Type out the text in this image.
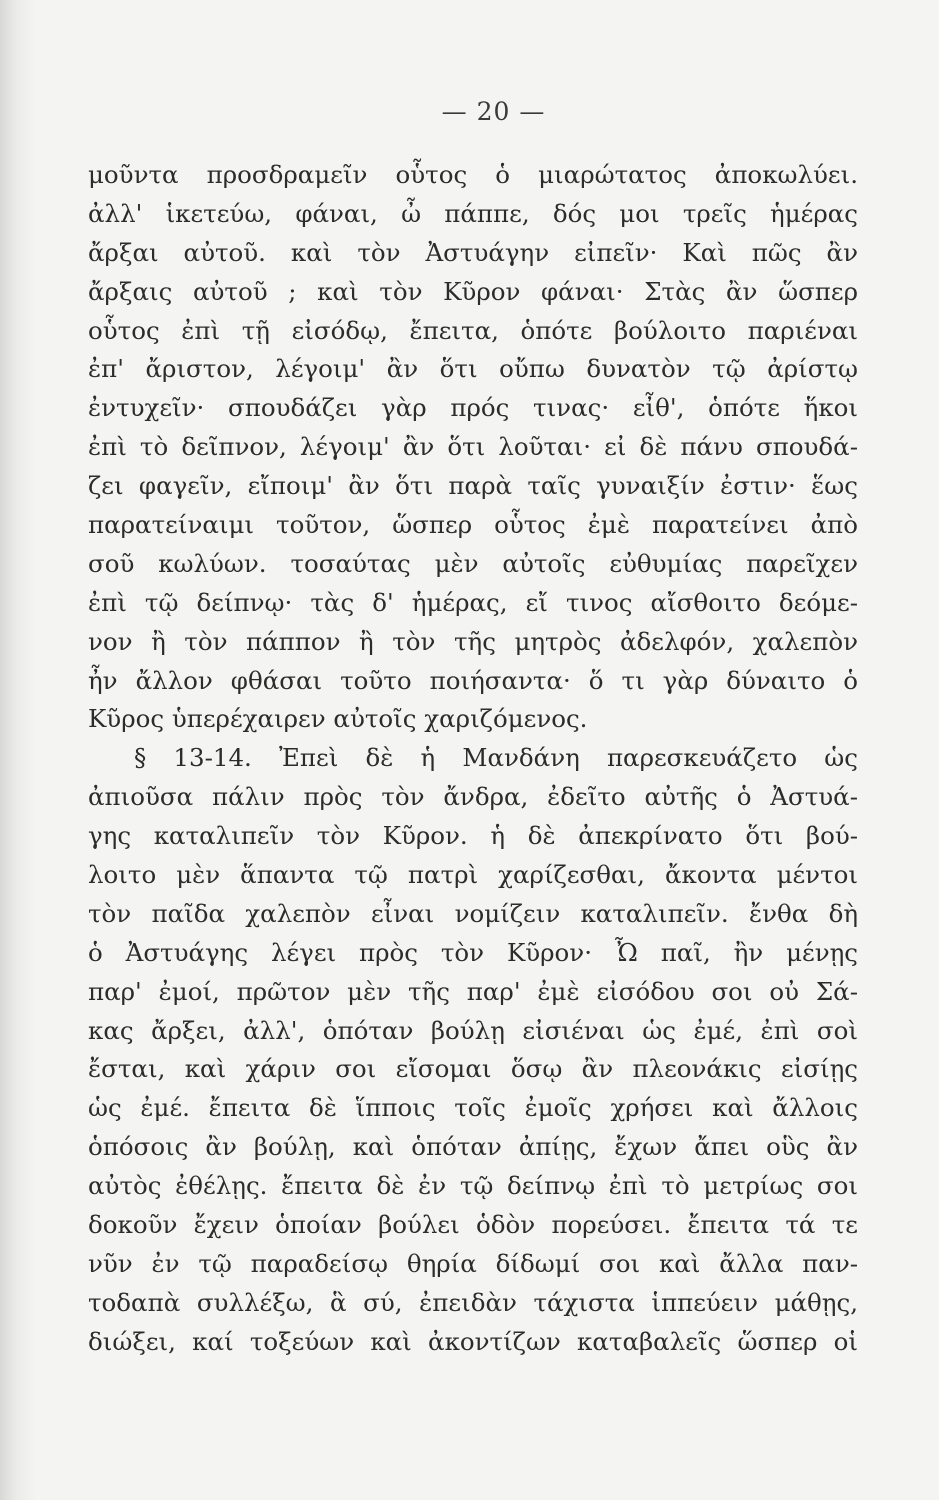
— 20 —
μοῦντα προσδραμεῖν οὗτος ὁ μιαρώτατος ἀποκωλύει.
ἀλλ' ἱκετεύω, φάναι, ὦ πάππε, δός μοι τρεῖς ἡμέρας
ἄρξαι αὐτοῦ. καὶ τὸν Ἀστυάγην εἰπεῖν· Καὶ πῶς ἂν
ἄρξαις αὐτοῦ ; καὶ τὸν Κῦρον φάναι· Στὰς ἂν ὥσπερ
οὗτος ἐπὶ τῇ εἰσόδῳ, ἔπειτα, ὁπότε βούλοιτο παριέναι
ἐπ' ἄριστον, λέγοιμ' ἂν ὅτι οὔπω δυνατὸν τῷ ἀρίστῳ
ἐντυχεῖν· σπουδάζει γὰρ πρός τινας· εἶθ', ὁπότε ἥκοι
ἐπὶ τὸ δεῖπνον, λέγοιμ' ἂν ὅτι λοῦται· εἰ δὲ πάνυ σπουδά-
ζει φαγεῖν, εἴποιμ' ἂν ὅτι παρὰ ταῖς γυναιξίν ἐστιν· ἕως
παρατείναιμι τοῦτον, ὥσπερ οὗτος ἐμὲ παρατείνει ἀπὸ
σοῦ κωλύων. τοσαύτας μὲν αὐτοῖς εὐθυμίας παρεῖχεν
ἐπὶ τῷ δείπνῳ· τὰς δ' ἡμέρας, εἴ τινος αἴσθοιτο δεόμε-
νον ἢ τὸν πάππον ἢ τὸν τῆς μητρὸς ἀδελφόν, χαλεπὸν
ἦν ἄλλον φθάσαι τοῦτο ποιήσαντα· ὅ τι γὰρ δύναιτο ὁ
Κῦρος ὑπερέχαιρεν αὐτοῖς χαριζόμενος.
§ 13-14. Ἐπεὶ δὲ ἡ Μανδάνη παρεσκευάζετο ὡς
ἀπιοῦσα πάλιν πρὸς τὸν ἄνδρα, ἐδεῖτο αὐτῆς ὁ Ἀστυά-
γης καταλιπεῖν τὸν Κῦρον. ἡ δὲ ἀπεκρίνατο ὅτι βού-
λοιτο μὲν ἅπαντα τῷ πατρὶ χαρίζεσθαι, ἄκοντα μέντοι
τὸν παῖδα χαλεπὸν εἶναι νομίζειν καταλιπεῖν. ἔνθα δὴ
ὁ Ἀστυάγης λέγει πρὸς τὸν Κῦρον· Ὦ παῖ, ἢν μένῃς
παρ' ἐμοί, πρῶτον μὲν τῆς παρ' ἐμὲ εἰσόδου σοι οὐ Σά-
κας ἄρξει, ἀλλ', ὁπόταν βούλῃ εἰσιέναι ὡς ἐμέ, ἐπὶ σοὶ
ἔσται, καὶ χάριν σοι εἴσομαι ὅσῳ ἂν πλεονάκις εἰσίῃς
ὡς ἐμέ. ἔπειτα δὲ ἵπποις τοῖς ἐμοῖς χρήσει καὶ ἄλλοις
ὁπόσοις ἂν βούλῃ, καὶ ὁπόταν ἀπίῃς, ἔχων ἄπει οὓς ἂν
αὐτὸς ἐθέλῃς. ἔπειτα δὲ ἐν τῷ δείπνῳ ἐπὶ τὸ μετρίως σοι
δοκοῦν ἔχειν ὁποίαν βούλει ὁδὸν πορεύσει. ἔπειτα τά τε
νῦν ἐν τῷ παραδείσῳ θηρία δίδωμί σοι καὶ ἄλλα παν-
τοδαπὰ συλλέξω, ἃ σύ, ἐπειδὰν τάχιστα ἱππεύειν μάθῃς,
διώξει, καί τοξεύων καὶ ἀκοντίζων καταβαλεῖς ὥσπερ οἱ
